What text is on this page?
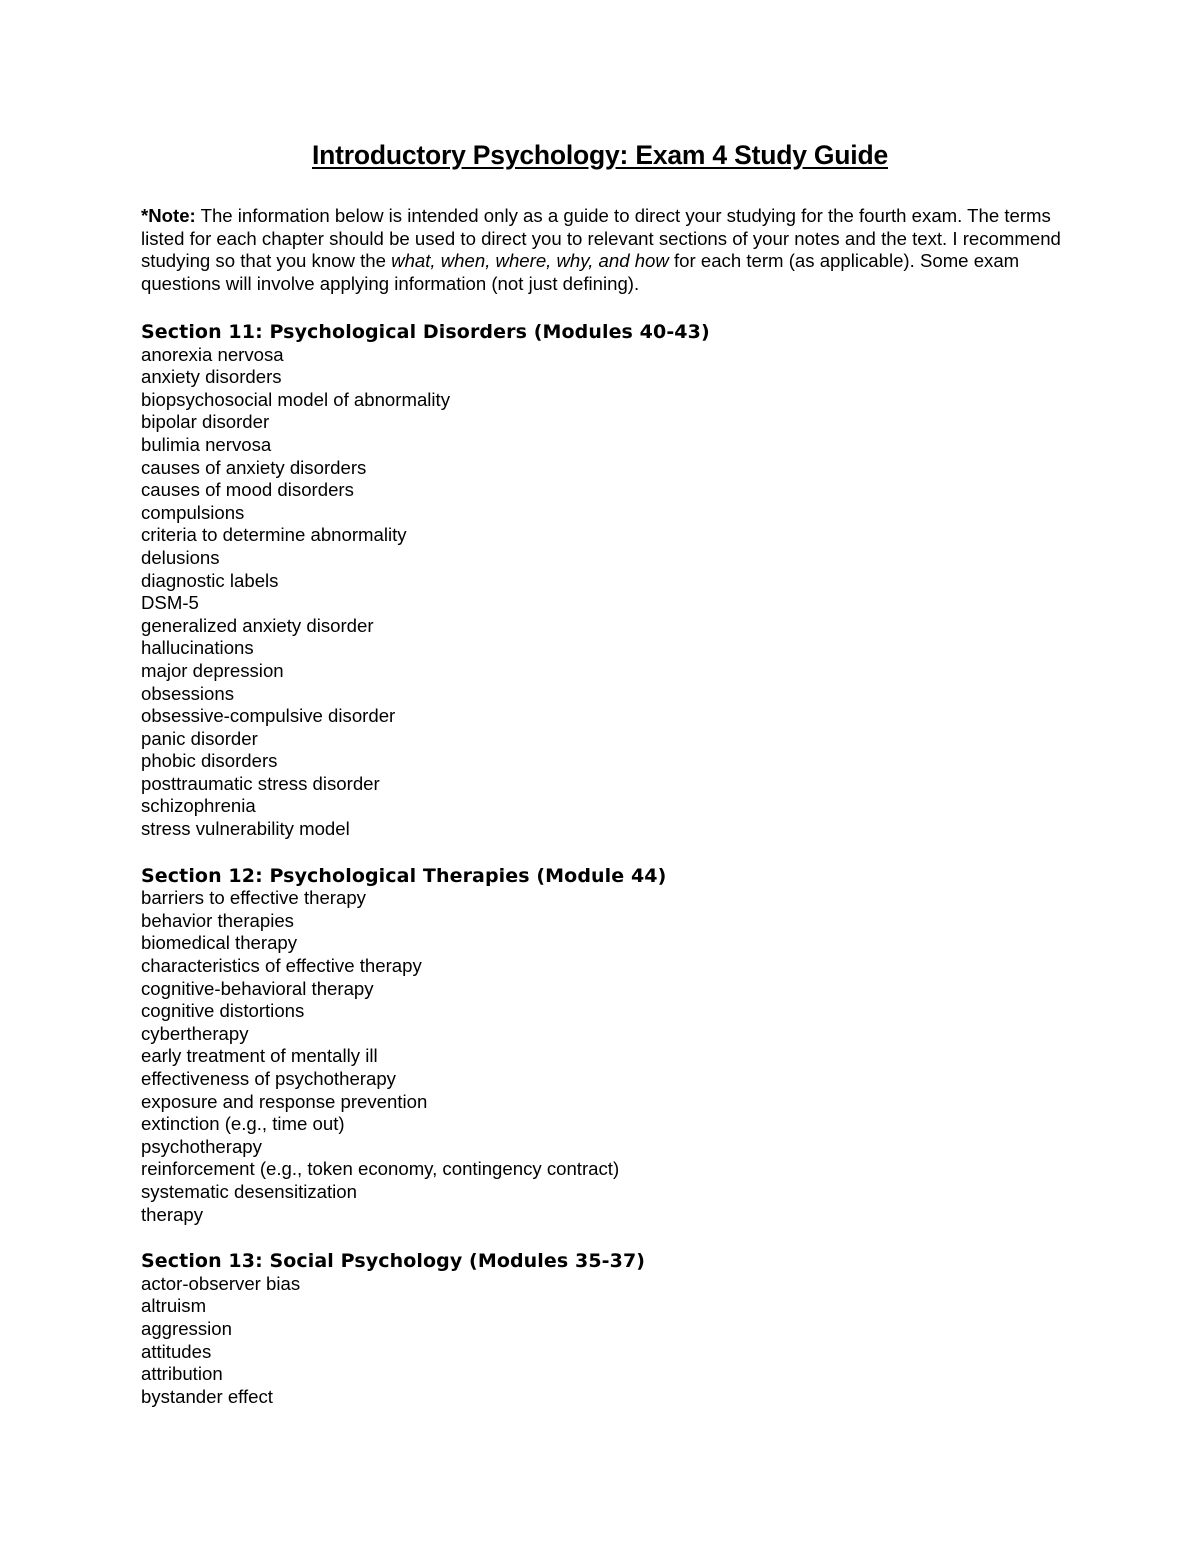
Introductory Psychology: Exam 4 Study Guide
*Note: The information below is intended only as a guide to direct your studying for the fourth exam. The terms listed for each chapter should be used to direct you to relevant sections of your notes and the text. I recommend studying so that you know the what, when, where, why, and how for each term (as applicable). Some exam questions will involve applying information (not just defining).
Section 11: Psychological Disorders (Modules 40-43)
anorexia nervosa
anxiety disorders
biopsychosocial model of abnormality
bipolar disorder
bulimia nervosa
causes of anxiety disorders
causes of mood disorders
compulsions
criteria to determine abnormality
delusions
diagnostic labels
DSM-5
generalized anxiety disorder
hallucinations
major depression
obsessions
obsessive-compulsive disorder
panic disorder
phobic disorders
posttraumatic stress disorder
schizophrenia
stress vulnerability model
Section 12: Psychological Therapies (Module 44)
barriers to effective therapy
behavior therapies
biomedical therapy
characteristics of effective therapy
cognitive-behavioral therapy
cognitive distortions
cybertherapy
early treatment of mentally ill
effectiveness of psychotherapy
exposure and response prevention
extinction (e.g., time out)
psychotherapy
reinforcement (e.g., token economy, contingency contract)
systematic desensitization
therapy
Section 13: Social Psychology (Modules 35-37)
actor-observer bias
altruism
aggression
attitudes
attribution
bystander effect
